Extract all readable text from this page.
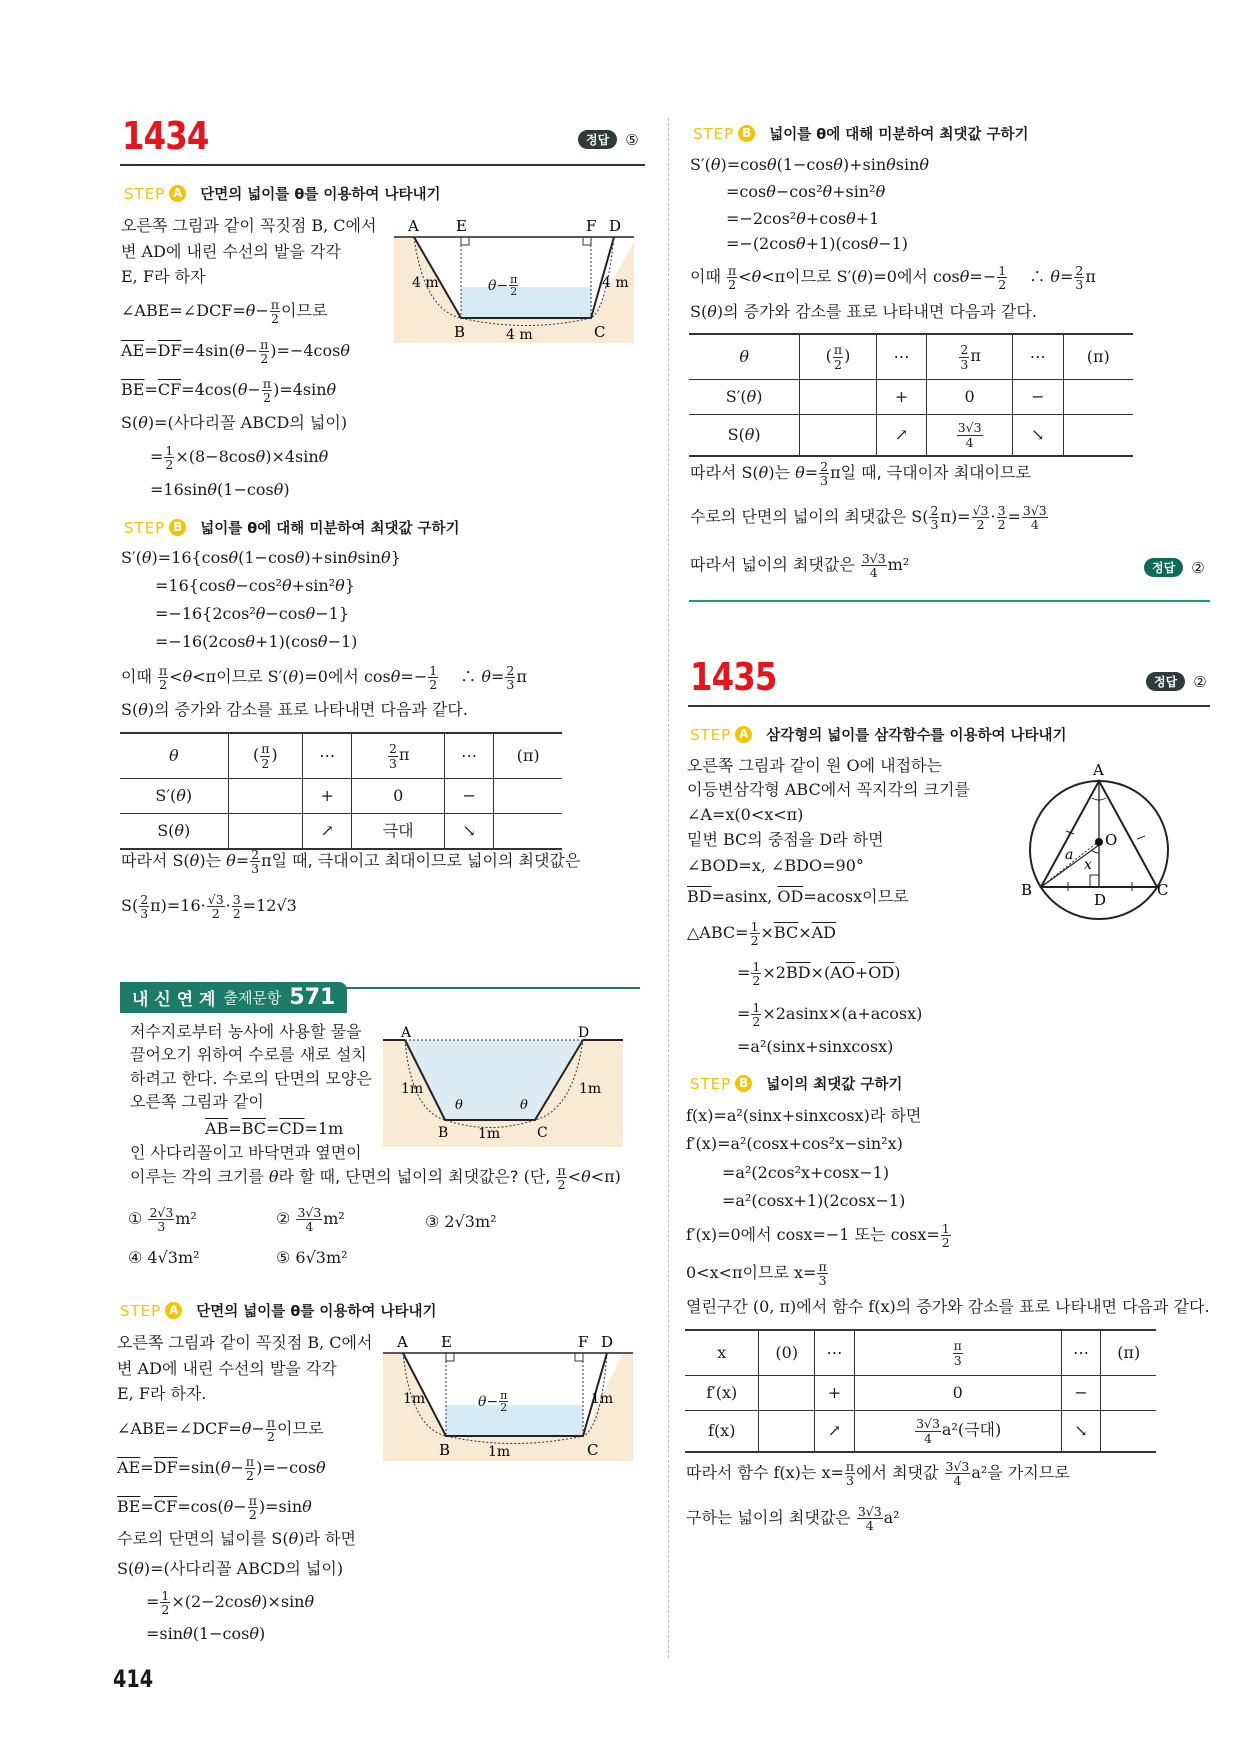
1434	정답	⑤
STEP A 단면의 넓이를 θ를 이용하여 나타내기
오른쪽 그림과 같이 꼭짓점 B, C에서
변 AD에 내린 수선의 발을 각각
E, F라 하자
∠ABE=∠DCF=θ− $\frac{\pi}{2}$ 이므로
$\overline{AE}=\overline{DF}=4\sin(\theta- \frac{\pi}{2} )=-4\cos\theta$
$\overline{BE}=\overline{CF}=4\cos(\theta- \frac{\pi}{2} )=4\sin\theta$
S(θ)=(사다리꼴 ABCD의 넓이)
= $\frac{1}{2} \times(8-8\cos\theta)\times 4\sin\theta$
=16sinθ(1−cosθ)
A E	F D
B	C
4 m	4 m
4 m
$\theta- \frac{\pi}{2}$
STEP B 넓이를 θ에 대해 미분하여 최댓값 구하기
S′(θ)=16{cosθ(1−cosθ)+sinθsinθ}
=16{cosθ−cos²θ+sin²θ}
=−16{2cos²θ−cosθ−1}
=−16(2cosθ+1)(cosθ−1)
이때 $\frac{\pi}{2} <\theta<\pi$이므로 S′(θ)=0에서 $\cos\theta=- \frac{1}{2}$ 　 ∴ $\theta= \frac{2}{3}$ π
S(θ)의 증가와 감소를 표로 나타내면 다음과 같다.
θ	( $\frac{\pi}{2}$ )	⋯	$\frac{2}{3}$ π	⋯	(π)
S′(θ)		+	0	−	
S(θ)		↗	극대	↘	
따라서 S(θ)는 $\theta= \frac{2}{3}$ π일 때, 극대이고 최대이므로 넓이의 최댓값은
$S( \frac{2}{3} \pi)=16\cdot \frac{√3}{2} \cdot \frac{3}{2} =12√3$
내 신 연 계 출제문항 571
저수지로부터 농사에 사용할 물을
끌어오기 위하여 수로를 새로 설치
하려고 한다. 수로의 단면의 모양은
오른쪽 그림과 같이
$\overline{AB}=\overline{BC}=\overline{CD}=1m$
인 사다리꼴이고 바닥면과 옆면이
이루는 각의 크기를 θ라 할 때, 단면의 넓이의 최댓값은? (단, $\frac{\pi}{2} <\theta<\pi$)
① $\frac{2√3}{3} m^2$	② $\frac{3√3}{4} m^2$	③ 2√3m²
④ 4√3m²	⑤ 6√3m²
A	D
B	C
1m	1m
1m
θ	θ
STEP A 단면의 넓이를 θ를 이용하여 나타내기
오른쪽 그림과 같이 꼭짓점 B, C에서
변 AD에 내린 수선의 발을 각각
E, F라 하자.
∠ABE=∠DCF=θ− $\frac{\pi}{2}$ 이므로
$\overline{AE}=\overline{DF}=\sin(\theta- \frac{\pi}{2} )=-\cos\theta$
$\overline{BE}=\overline{CF}=\cos(\theta- \frac{\pi}{2} )=\sin\theta$
수로의 단면의 넓이를 S(θ)라 하면
S(θ)=(사다리꼴 ABCD의 넓이)
= $\frac{1}{2} \times(2-2\cos\theta)\times\sin\theta$
=sinθ(1−cosθ)
A E	F D
B	C
1m	1m
1m
$\theta- \frac{\pi}{2}$
414
STEP B 넓이를 θ에 대해 미분하여 최댓값 구하기
S′(θ)=cosθ(1−cosθ)+sinθsinθ
=cosθ−cos²θ+sin²θ
=−2cos²θ+cosθ+1
=−(2cosθ+1)(cosθ−1)
이때 $\frac{\pi}{2} <\theta<\pi$이므로 S′(θ)=0에서 $\cos\theta=- \frac{1}{2}$ 　 ∴ $\theta= \frac{2}{3}$ π
S(θ)의 증가와 감소를 표로 나타내면 다음과 같다.
θ	( $\frac{\pi}{2}$ )	⋯	$\frac{2}{3}$ π	⋯	(π)
S′(θ)		+	0	−	
S(θ)		↗	$\frac{3√3}{4}$	↘	
따라서 S(θ)는 $\theta= \frac{2}{3}$ π일 때, 극대이자 최대이므로
수로의 단면의 넓이의 최댓값은 $S( \frac{2}{3} \pi)= \frac{√3}{2} \cdot \frac{3}{2} = \frac{3√3}{4}$
따라서 넓이의 최댓값은 $\frac{3√3}{4} m^2$	정답	②
1435	정답	②
STEP A 삼각형의 넓이를 삼각함수를 이용하여 나타내기
오른쪽 그림과 같이 원 O에 내접하는
이등변삼각형 ABC에서 꼭지각의 크기를
∠A=x(0<x<π)
밑변 BC의 중점을 D라 하면
∠BOD=x, ∠BDO=90°
$\overline{BD}=asinx$, $\overline{OD}=acosx$이므로
△ABC= $\frac{1}{2} \times\overline{BC}\times\overline{AD}$
= $\frac{1}{2} \times 2\overline{BD}\times(\overline{AO}+\overline{OD})$
= $\frac{1}{2} \times 2asinx\times(a+acosx)$
=a²(sinx+sinxcosx)
A
B	C
D
O
a
x
STEP B 넓이의 최댓값 구하기
f(x)=a²(sinx+sinxcosx)라 하면
f′(x)=a²(cosx+cos²x−sin²x)
=a²(2cos²x+cosx−1)
=a²(cosx+1)(2cosx−1)
f′(x)=0에서 cosx=−1 또는 $\cos x= \frac{1}{2}$
0<x<π이므로 $x= \frac{\pi}{3}$
열린구간 (0, π)에서 함수 f(x)의 증가와 감소를 표로 나타내면 다음과 같다.
x	(0)	⋯	$\frac{\pi}{3}$	⋯	(π)
f′(x)		+	0	−	
f(x)		↗	$\frac{3√3}{4} a^2$(극대)	↘	
따라서 함수 f(x)는 $x= \frac{\pi}{3}$ 에서 최댓값 $\frac{3√3}{4} a^2$을 가지므로
구하는 넓이의 최댓값은 $\frac{3√3}{4} a^2$
